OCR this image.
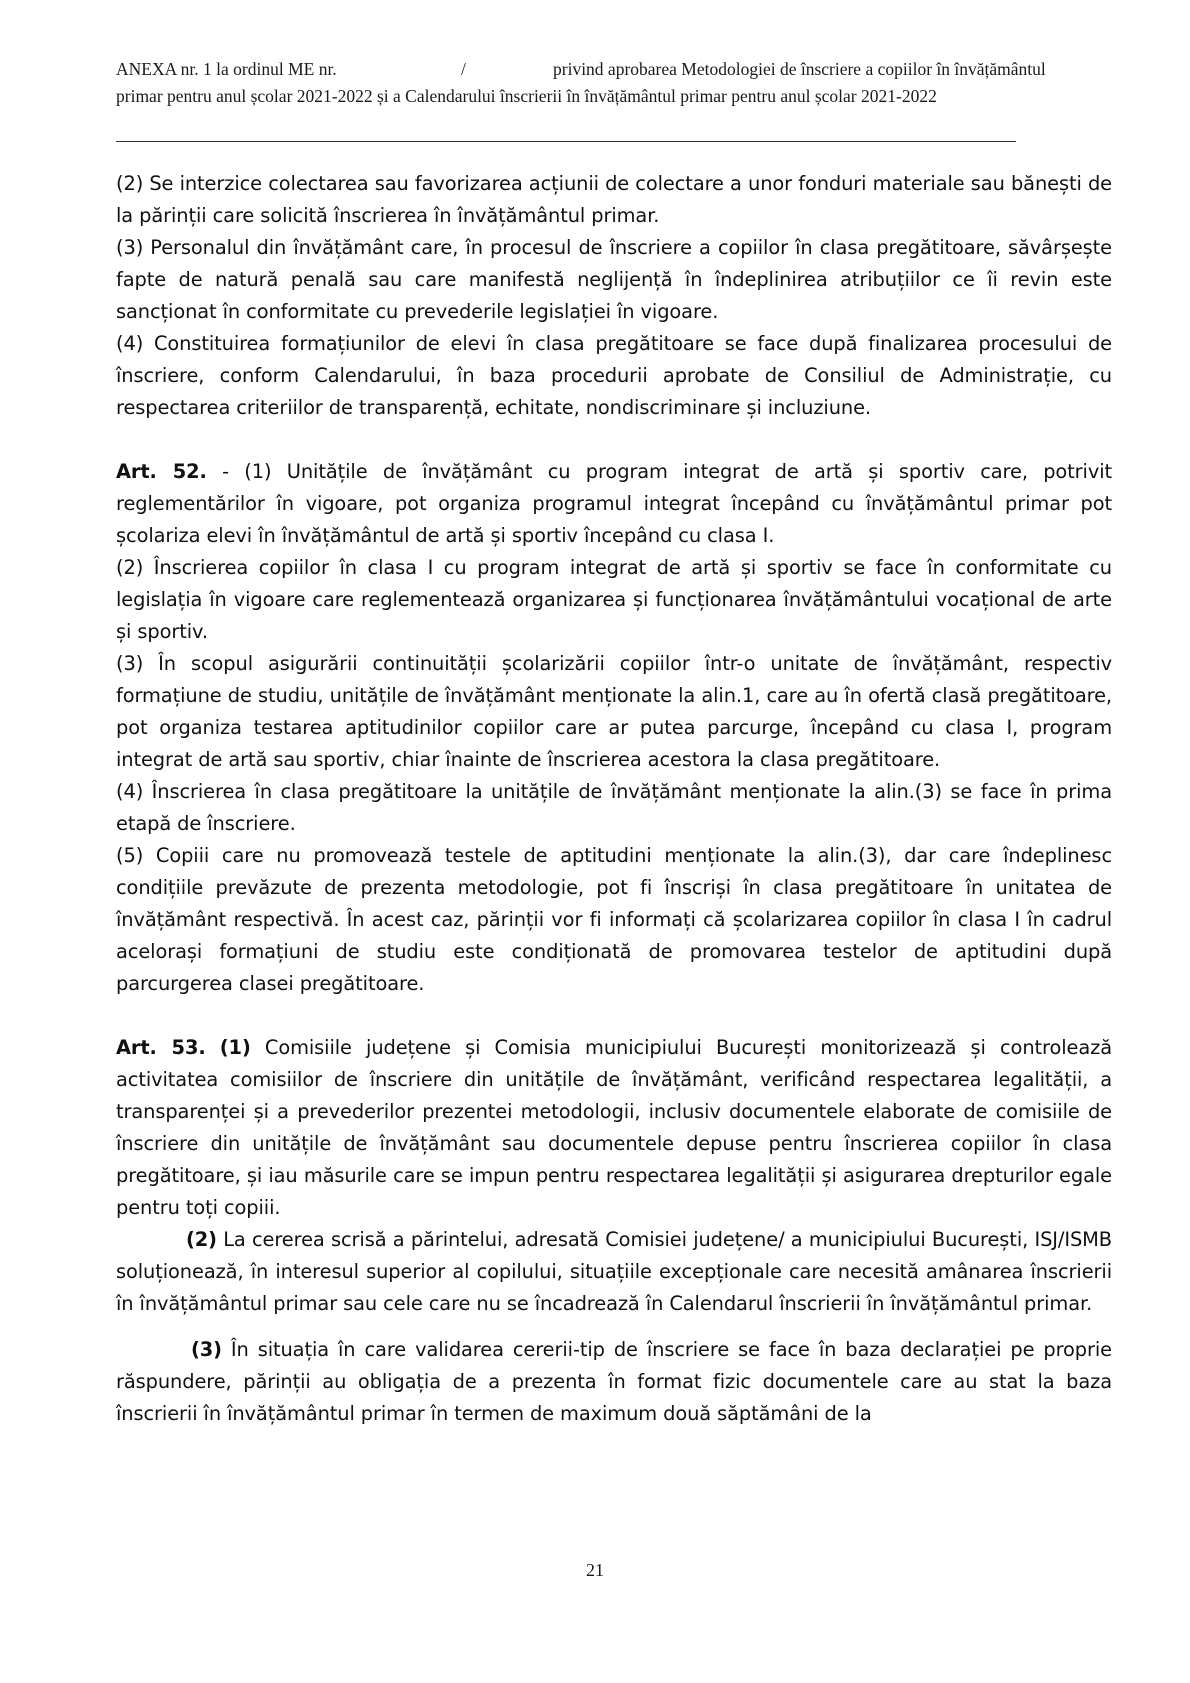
ANEXA nr. 1 la ordinul ME nr.	/	privind aprobarea Metodologiei de înscriere a copiilor în învățământul
primar pentru anul școlar 2021-2022 și a Calendarului înscrierii în învățământul primar pentru anul școlar 2021-2022

(2) Se interzice colectarea sau favorizarea acțiunii de colectare a unor fonduri materiale sau bănești de la părinții care solicită înscrierea în învățământul primar.

(3) Personalul din învățământ care, în procesul de înscriere a copiilor în clasa pregătitoare, săvârșește fapte de natură penală sau care manifestă neglijență în îndeplinirea atribuțiilor ce îi revin este sancționat în conformitate cu prevederile legislației în vigoare.

(4) Constituirea formațiunilor de elevi în clasa pregătitoare se face după finalizarea procesului de înscriere, conform Calendarului, în baza procedurii aprobate de Consiliul de Administrație, cu respectarea criteriilor de transparență, echitate, nondiscriminare și incluziune.

Art. 52. - (1) Unitățile de învățământ cu program integrat de artă și sportiv care, potrivit reglementărilor în vigoare, pot organiza programul integrat începând cu învățământul primar pot școlariza elevi în învățământul de artă și sportiv începând cu clasa I.

(2) Înscrierea copiilor în clasa I cu program integrat de artă și sportiv se face în conformitate cu legislația în vigoare care reglementează organizarea și funcționarea învățământului vocațional de arte și sportiv.

(3) În scopul asigurării continuității școlarizării copiilor într-o unitate de învățământ, respectiv formațiune de studiu, unitățile de învățământ menționate la alin.1, care au în ofertă clasă pregătitoare, pot organiza testarea aptitudinilor copiilor care ar putea parcurge, începând cu clasa I, program integrat de artă sau sportiv, chiar înainte de înscrierea acestora la clasa pregătitoare.

(4) Înscrierea în clasa pregătitoare la unitățile de învățământ menționate la alin.(3) se face în prima etapă de înscriere.

(5) Copiii care nu promovează testele de aptitudini menționate la alin.(3), dar care îndeplinesc condițiile prevăzute de prezenta metodologie, pot fi înscriși în clasa pregătitoare în unitatea de învățământ respectivă. În acest caz, părinții vor fi informați că școlarizarea copiilor în clasa I în cadrul acelorași formațiuni de studiu este condiționată de promovarea testelor de aptitudini după parcurgerea clasei pregătitoare.

Art. 53. (1) Comisiile județene și Comisia municipiului București monitorizează și controlează activitatea comisiilor de înscriere din unitățile de învățământ, verificând respectarea legalității, a transparenței și a prevederilor prezentei metodologii, inclusiv documentele elaborate de comisiile de înscriere din unitățile de învățământ sau documentele depuse pentru înscrierea copiilor în clasa pregătitoare, și iau măsurile care se impun pentru respectarea legalității și asigurarea drepturilor egale pentru toți copiii.

(2) La cererea scrisă a părintelui, adresată Comisiei județene/ a municipiului București, ISJ/ISMB soluționează, în interesul superior al copilului, situațiile excepționale care necesită amânarea înscrierii în învățământul primar sau cele care nu se încadrează în Calendarul înscrierii în învățământul primar.

(3) În situația în care validarea cererii-tip de înscriere se face în baza declarației pe proprie răspundere, părinții au obligația de a prezenta în format fizic documentele care au stat la baza înscrierii în învățământul primar în termen de maximum două săptămâni de la

21
